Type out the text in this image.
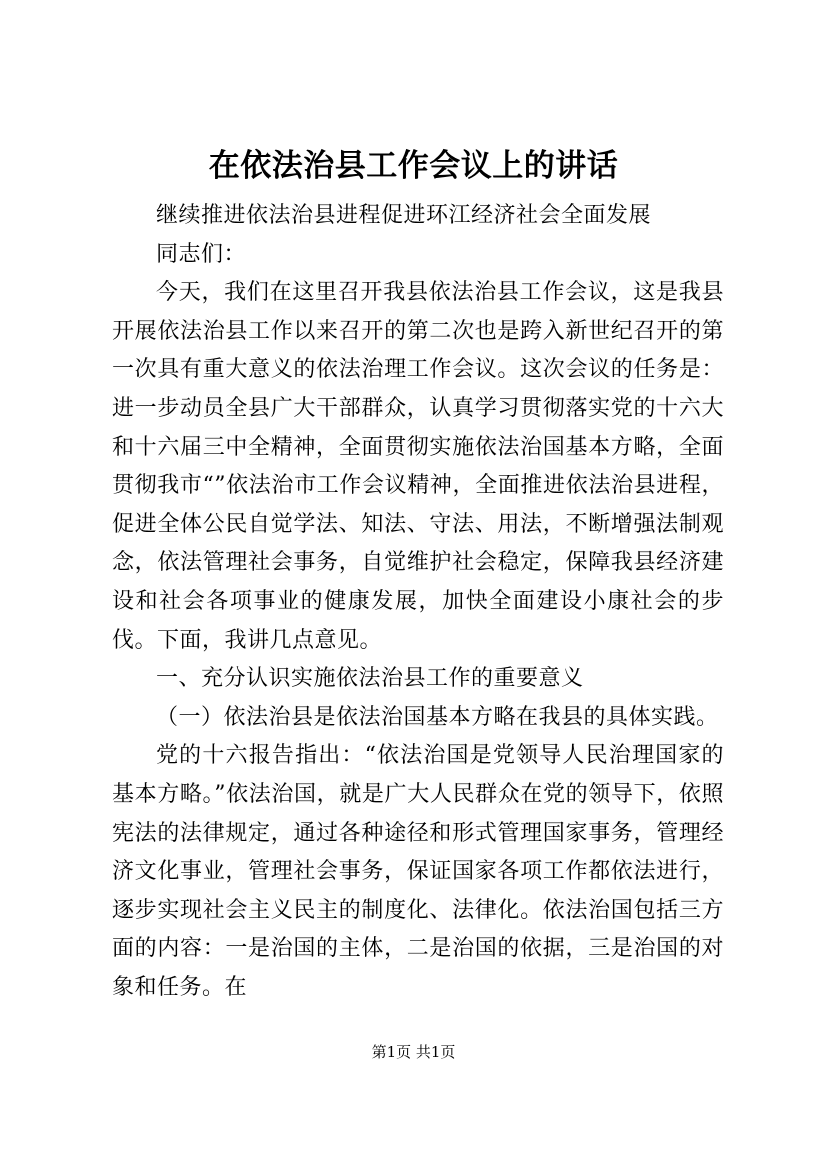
在依法治县工作会议上的讲话

继续推进依法治县进程促进环江经济社会全面发展

同志们：

今天，我们在这里召开我县依法治县工作会议，这是我县开展依法治县工作以来召开的第二次也是跨入新世纪召开的第一次具有重大意义的依法治理工作会议。这次会议的任务是：进一步动员全县广大干部群众，认真学习贯彻落实党的十六大和十六届三中全精神，全面贯彻实施依法治国基本方略，全面贯彻我市“”依法治市工作会议精神，全面推进依法治县进程，促进全体公民自觉学法、知法、守法、用法，不断增强法制观念，依法管理社会事务，自觉维护社会稳定，保障我县经济建设和社会各项事业的健康发展，加快全面建设小康社会的步伐。下面，我讲几点意见。

一、充分认识实施依法治县工作的重要意义

（一）依法治县是依法治国基本方略在我县的具体实践。

党的十六报告指出：“依法治国是党领导人民治理国家的基本方略。”依法治国，就是广大人民群众在党的领导下，依照宪法的法律规定，通过各种途径和形式管理国家事务，管理经济文化事业，管理社会事务，保证国家各项工作都依法进行，逐步实现社会主义民主的制度化、法律化。依法治国包括三方面的内容：一是治国的主体，二是治国的依据，三是治国的对象和任务。在

第1页 共1页
